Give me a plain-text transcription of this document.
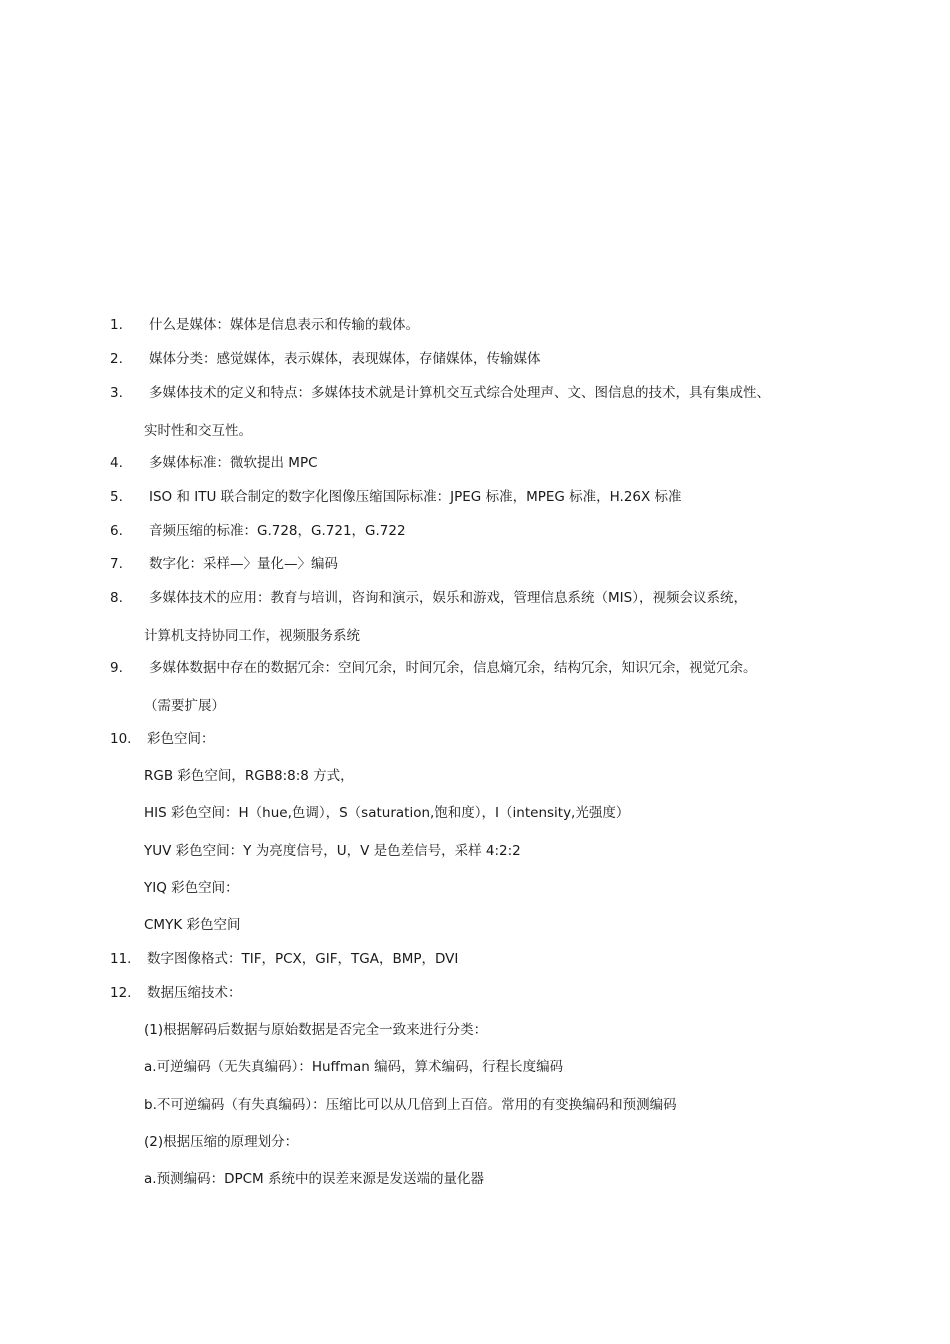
1. 什么是媒体：媒体是信息表示和传输的载体。
2. 媒体分类：感觉媒体，表示媒体，表现媒体，存储媒体，传输媒体
3. 多媒体技术的定义和特点：多媒体技术就是计算机交互式综合处理声、文、图信息的技术，具有集成性、
实时性和交互性。
4. 多媒体标准：微软提出 MPC
5. ISO 和 ITU 联合制定的数字化图像压缩国际标准：JPEG 标准，MPEG 标准，H.26X 标准
6. 音频压缩的标准：G.728，G.721，G.722
7. 数字化：采样—〉量化—〉编码
8. 多媒体技术的应用：教育与培训，咨询和演示，娱乐和游戏，管理信息系统（MIS），视频会议系统，
计算机支持协同工作，视频服务系统
9. 多媒体数据中存在的数据冗余：空间冗余，时间冗余，信息熵冗余，结构冗余，知识冗余，视觉冗余。
（需要扩展）
10. 彩色空间：
RGB 彩色空间，RGB8:8:8 方式，
HIS 彩色空间：H（hue,色调），S（saturation,饱和度），I（intensity,光强度）
YUV 彩色空间：Y 为亮度信号，U，V 是色差信号，采样 4:2:2
YIQ 彩色空间：
CMYK 彩色空间
11. 数字图像格式：TIF，PCX，GIF，TGA，BMP，DVI
12. 数据压缩技术：
(1)根据解码后数据与原始数据是否完全一致来进行分类：
a.可逆编码（无失真编码）：Huffman 编码，算术编码，行程长度编码
b.不可逆编码（有失真编码）：压缩比可以从几倍到上百倍。常用的有变换编码和预测编码
(2)根据压缩的原理划分：
a.预测编码：DPCM 系统中的误差来源是发送端的量化器
